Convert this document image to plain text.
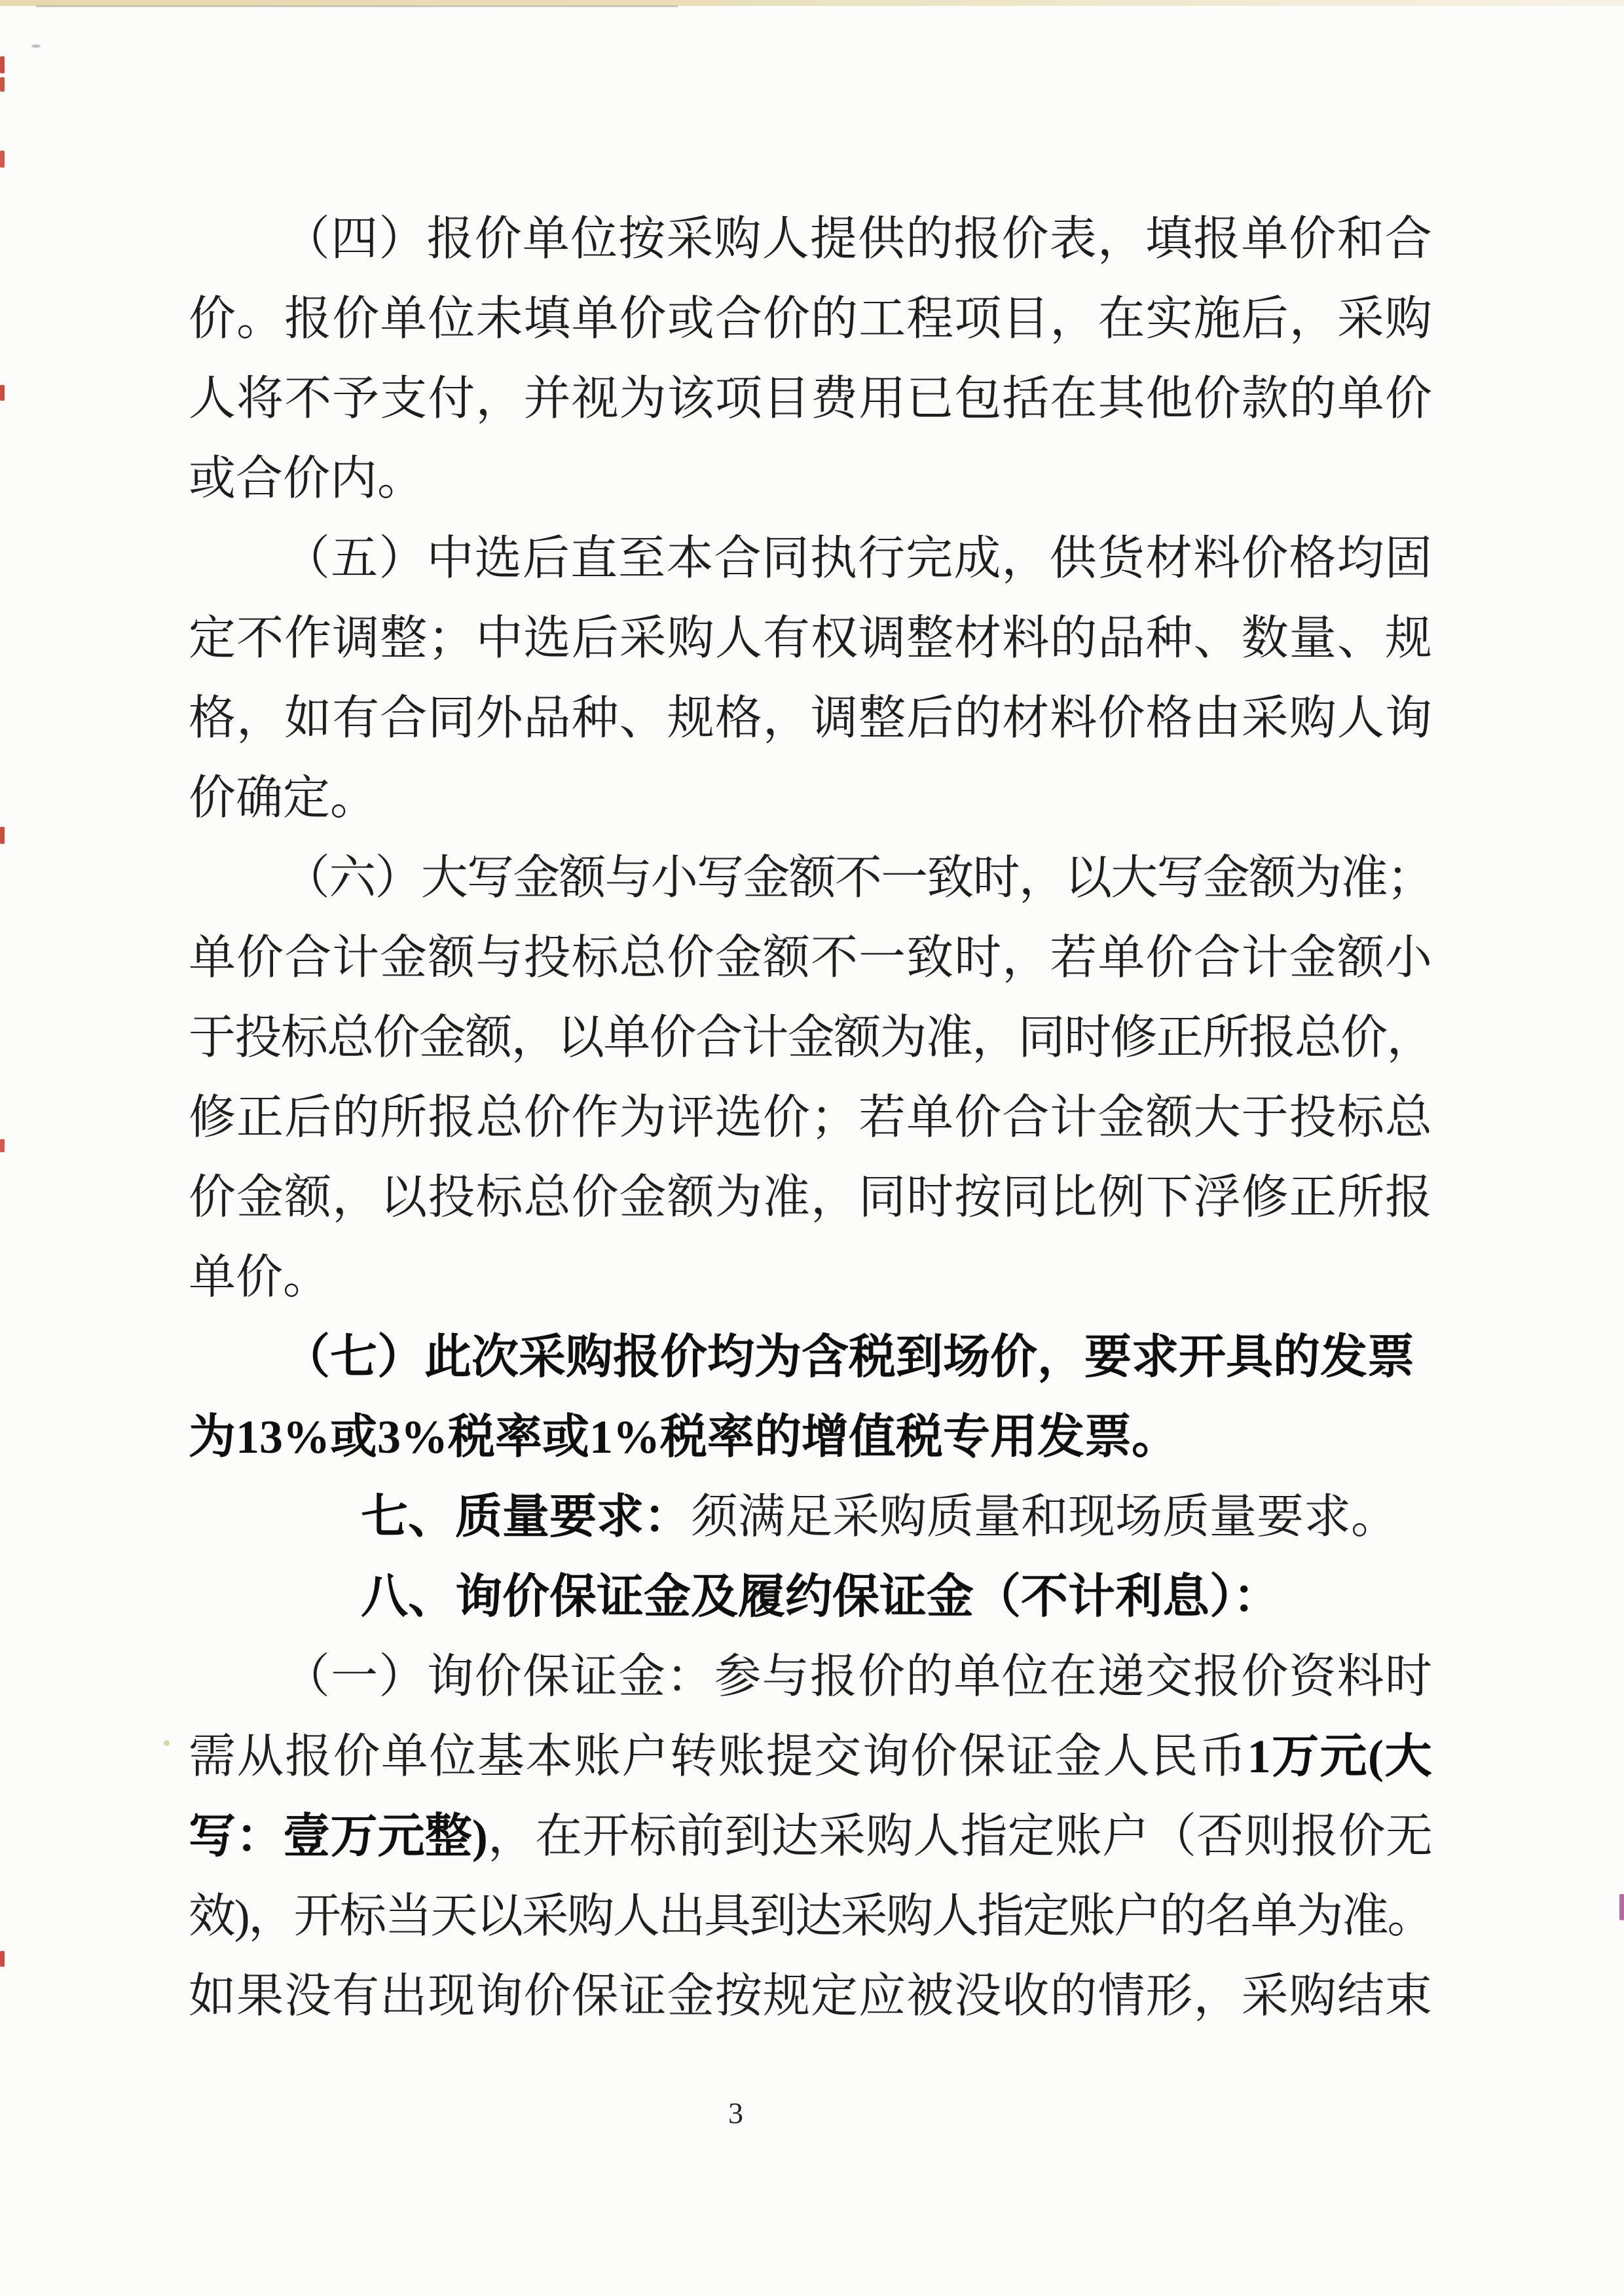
（四）报价单位按采购人提供的报价表，填报单价和合
价。报价单位未填单价或合价的工程项目，在实施后，采购
人将不予支付，并视为该项目费用已包括在其他价款的单价
或合价内。
（五）中选后直至本合同执行完成，供货材料价格均固
定不作调整；中选后采购人有权调整材料的品种、数量、规
格，如有合同外品种、规格，调整后的材料价格由采购人询
价确定。
（六）大写金额与小写金额不一致时，以大写金额为准；
单价合计金额与投标总价金额不一致时，若单价合计金额小
于投标总价金额，以单价合计金额为准，同时修正所报总价，
修正后的所报总价作为评选价；若单价合计金额大于投标总
价金额，以投标总价金额为准，同时按同比例下浮修正所报
单价。
（七）此次采购报价均为含税到场价，要求开具的发票
为13%或3%税率或1%税率的增值税专用发票。
七、质量要求：须满足采购质量和现场质量要求。
八、询价保证金及履约保证金（不计利息）：
（一）询价保证金：参与报价的单位在递交报价资料时
需从报价单位基本账户转账提交询价保证金人民币1万元(大
写：壹万元整)，在开标前到达采购人指定账户（否则报价无
效)，开标当天以采购人出具到达采购人指定账户的名单为准。
如果没有出现询价保证金按规定应被没收的情形，采购结束
3
